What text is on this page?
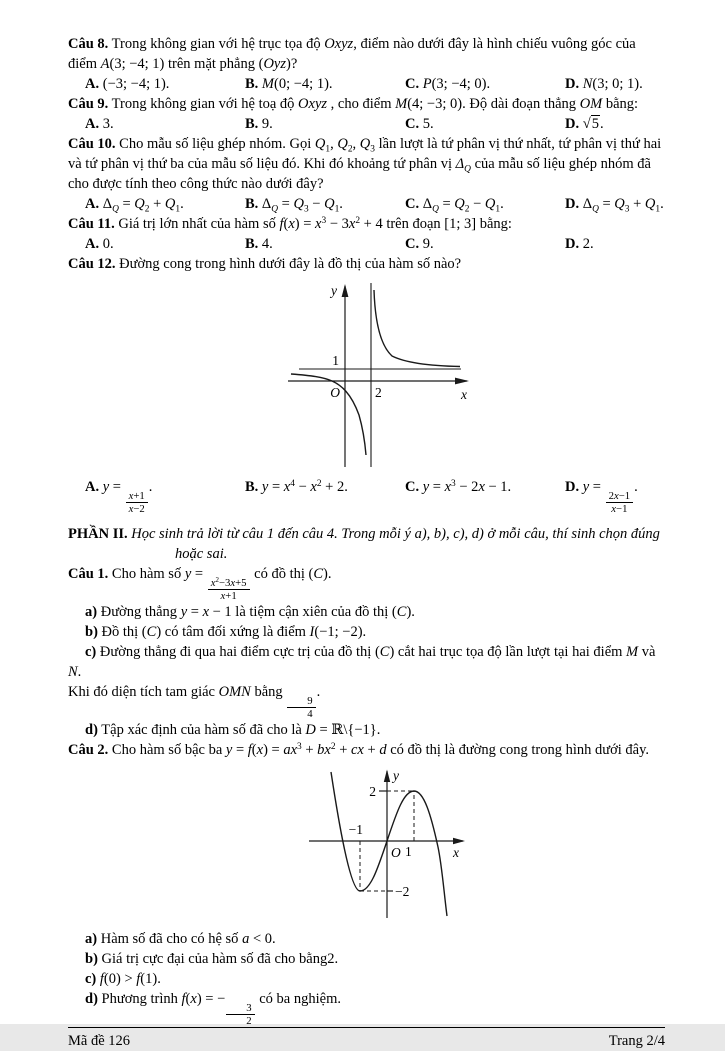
Câu 8. Trong không gian với hệ trục tọa độ Oxyz, điểm nào dưới đây là hình chiếu vuông góc của điểm A(3; −4; 1) trên mặt phẳng (Oyz)?

A. (−3; −4; 1).	B. M(0; −4; 1).	C. P(3; −4; 0).	D. N(3; 0; 1).

Câu 9. Trong không gian với hệ toạ độ Oxyz , cho điểm M(4; −3; 0). Độ dài đoạn thẳng OM bằng:

A. 3.	B. 9.	C. 5.	D. √5.

Câu 10. Cho mẫu số liệu ghép nhóm. Gọi $Q_1$, $Q_2$, $Q_3$ lần lượt là tứ phân vị thứ nhất, tứ phân vị thứ hai và tứ phân vị thứ ba của mẫu số liệu đó. Khi đó khoảng tứ phân vị $\Delta_Q$ của mẫu số liệu ghép nhóm đã cho được tính theo công thức nào dưới đây?

A. $\Delta_Q = Q_2 + Q_1$.	B. $\Delta_Q = Q_3 - Q_1$.	C. $\Delta_Q = Q_2 - Q_1$.	D. $\Delta_Q = Q_3 + Q_1$.

Câu 11. Giá trị lớn nhất của hàm số $f(x) = x^3 - 3x^2 + 4$ trên đoạn [1; 3] bằng:

A. 0.	B. 4.	C. 9.	D. 2.

Câu 12. Đường cong trong hình dưới đây là đồ thị của hàm số nào?

y
1
O	2	x
A. y =
$\frac{x+1}{x-2}$
.	B. $y = x^4 - x^2 + 2$.	C. $y = x^3 - 2x - 1$.	D. y =
$\frac{2x-1}{x-1}$
.

PHẦN II. Học sinh trả lời từ câu 1 đến câu 4. Trong mỗi ý a), b), c), d) ở mỗi câu, thí sinh chọn đúng
hoặc sai.

Câu 1. Cho hàm số y =
$\frac{x^2-3x+5}{x+1}$
có đồ thị (C).

a) Đường thẳng y = x − 1 là tiệm cận xiên của đồ thị (C).

b) Đồ thị (C) có tâm đối xứng là điểm I(−1; −2).

c) Đường thẳng đi qua hai điểm cực trị của đồ thị (C) cắt hai trục tọa độ lần lượt tại hai điểm M và N.
Khi đó diện tích tam giác OMN bằng
$\frac{9}{4}$
.

d) Tập xác định của hàm số đã cho là D = ℝ\{−1}.

Câu 2. Cho hàm số bậc ba $y = f(x) = ax^3 + bx^2$ + cx + d có đồ thị là đường cong trong hình dưới đây.

y
2
−1
O 1	x
−2

a) Hàm số đã cho có hệ số a < 0.

b) Giá trị cực đại của hàm số đã cho bằng2.

c) f(0) > f(1).

d) Phương trình f(x) = −
$\frac{3}{2}$
có ba nghiệm.

Mã đề 126	Trang 2/4
